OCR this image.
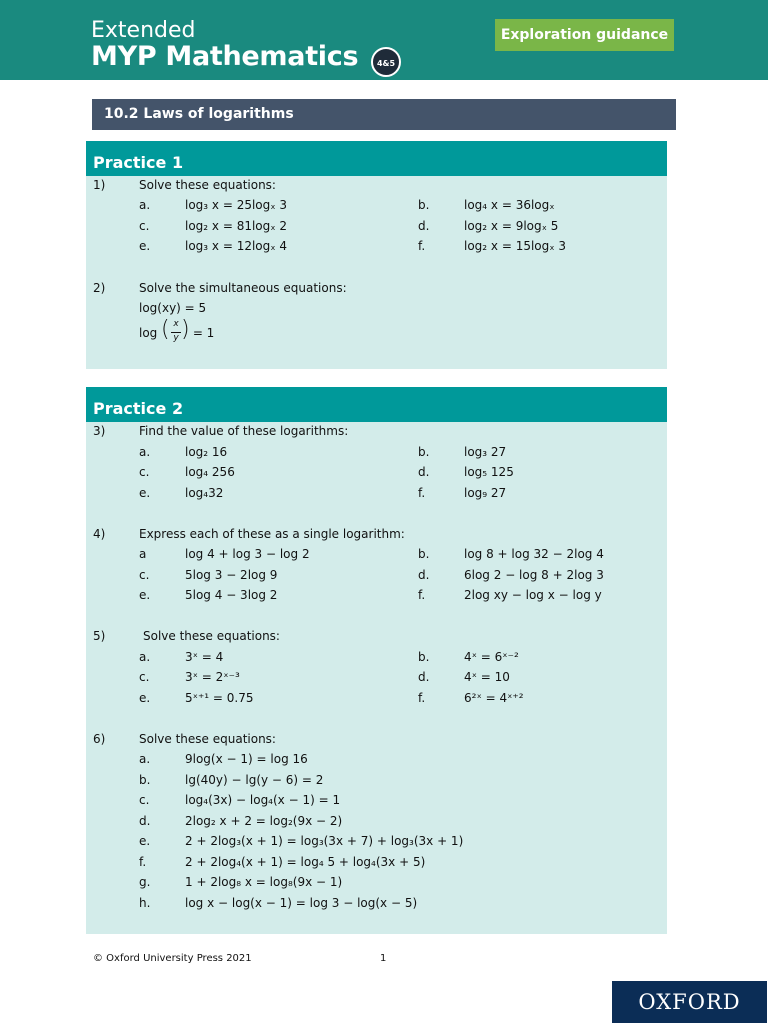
Extended
MYP Mathematics	4&5
Exploration guidance
10.2 Laws of logarithms
Practice 1
1)	Solve these equations:
a.	log₃ x = 25logₓ 3	b.	log₄ x = 36logₓ
c.	log₂ x = 81logₓ 2	d.	log₂ x = 9logₓ 5
e.	log₃ x = 12logₓ 4	f.	log₂ x = 15logₓ 3
2)	Solve the simultaneous equations:
log(xy) = 5
log ( x
y ) = 1
Practice 2
3)	Find the value of these logarithms:
a.	log₂ 16	b.	log₃ 27
c.	log₄ 256	d.	log₅ 125
e.	log₄32	f.	log₉ 27
4)	Express each of these as a single logarithm:
a	log 4 + log 3 − log 2	b.	log 8 + log 32 − 2log 4
c.	5log 3 − 2log 9	d.	6log 2 − log 8 + 2log 3
e.	5log 4 − 3log 2	f.	2log xy − log x − log y
5)	Solve these equations:
a.	3ˣ = 4	b.	4ˣ = 6ˣ⁻²
c.	3ˣ = 2ˣ⁻³	d.	4ˣ = 10
e.	5ˣ⁺¹ = 0.75	f.	6²ˣ = 4ˣ⁺²
6)	Solve these equations:
a.	9log(x − 1) = log 16
b.	lg(40y) − lg(y − 6) = 2
c.	log₄(3x) − log₄(x − 1) = 1
d.	2log₂ x + 2 = log₂(9x − 2)
e.	2 + 2log₃(x + 1) = log₃(3x + 7) + log₃(3x + 1)
f.	2 + 2log₄(x + 1) = log₄ 5 + log₄(3x + 5)
g.	1 + 2log₈ x = log₈(9x − 1)
h.	log x − log(x − 1) = log 3 − log(x − 5)
© Oxford University Press 2021	1
OXFORD
